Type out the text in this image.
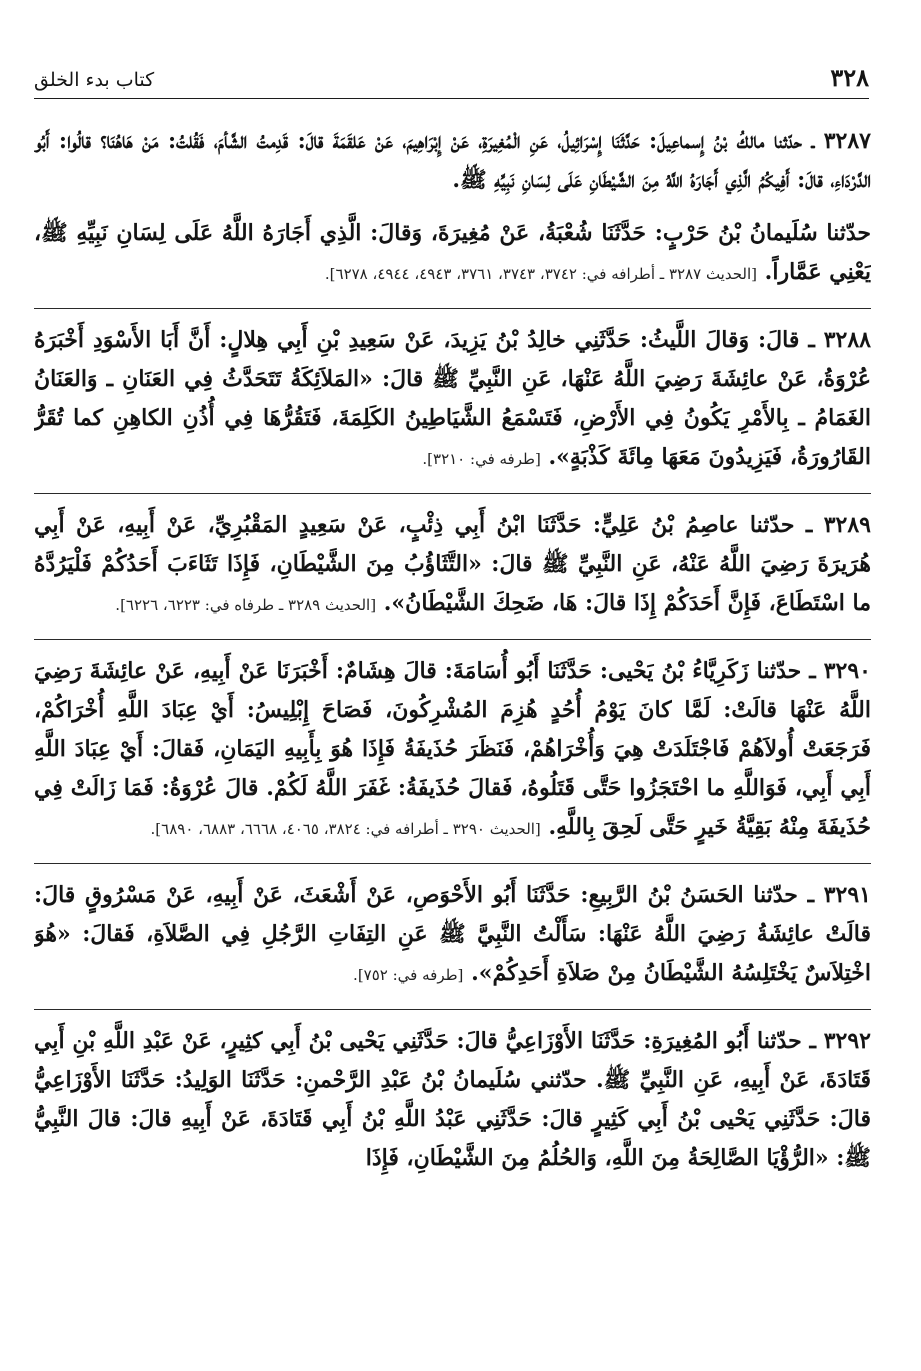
٣٢٨
كتاب بدء الخلق

٣٢٨٧ ـ حدّثنا مالكُ بْنُ إِسماعِيلَ: حَدَّثَنَا إِسْرَائِيلُ، عَنِ الْمُغِيرَةِ، عَنْ إِبْرَاهِيمَ، عَنْ عَلقَمَةَ قالَ: قَدِمتُ الشَّأمَ، فَقُلتُ: مَنْ هَاهُنَا؟ قالُوا: أَبُو الدَّرْدَاءِ، قالَ: أَفِيكُمُ الَّذِي أَجَارَهُ اللَّهُ مِنَ الشَّيْطَانِ عَلَى لِسَانِ نَبِيِّهِ ﷺ.

حدّثنا سُلَيمانُ بْنُ حَرْبٍ: حَدَّثَنَا شُعْبَةُ، عَنْ مُغِيرَةَ، وَقالَ: الَّذِي أَجَارَهُ اللَّهُ عَلَى لِسَانِ نَبِيِّهِ ﷺ، يَعْنِي عَمَّاراً. [الحديث ٣٢٨٧ ـ أطرافه في: ٣٧٤٢، ٣٧٤٣، ٣٧٦١، ٤٩٤٣، ٤٩٤٤، ٦٢٧٨].

٣٢٨٨ ـ قالَ: وَقالَ اللَّيثُ: حَدَّثَنِي خالِدُ بْنُ يَزِيدَ، عَنْ سَعِيدِ بْنِ أَبِي هِلالٍ: أَنَّ أَبَا الأَسْوَدِ أَخْبَرَهُ عُرْوَةُ، عَنْ عائِشَةَ رَضِيَ اللَّهُ عَنْهَا، عَنِ النَّبِيِّ ﷺ قالَ: «المَلاَئِكَةُ تَتَحَدَّثُ فِي العَنَانِ ـ وَالعَنَانُ الغَمَامُ ـ بِالأَمْرِ يَكُونُ فِي الأَرْضِ، فَتَسْمَعُ الشَّيَاطِينُ الكَلِمَةَ، فَتَقُرُّهَا فِي أُذُنِ الكاهِنِ كما تُقَرُّ القَارُورَةُ، فَيَزِيدُونَ مَعَهَا مِائَةَ كَذْبَةٍ». [طرفه في: ٣٢١٠].

٣٢٨٩ ـ حدّثنا عاصِمُ بْنُ عَلِيٍّ: حَدَّثَنَا ابْنُ أَبِي ذِئْبٍ، عَنْ سَعِيدٍ المَقْبُرِيِّ، عَنْ أَبِيهِ، عَنْ أَبِي هُرَيرَةَ رَضِيَ اللَّهُ عَنْهُ، عَنِ النَّبِيِّ ﷺ قالَ: «التَّثَاؤُبُ مِنَ الشَّيْطَانِ، فَإِذَا تَثَاءَبَ أَحَدُكُمْ فَلْيَرُدَّهُ ما اسْتَطَاعَ، فَإِنَّ أَحَدَكُمْ إِذَا قالَ: هَا، ضَحِكَ الشَّيْطَانُ». [الحديث ٣٢٨٩ ـ طرفاه في: ٦٢٢٣، ٦٢٢٦].

٣٢٩٠ ـ حدّثنا زَكَرِيَّاءُ بْنُ يَحْيى: حَدَّثَنَا أَبُو أُسَامَةَ: قالَ هِشَامٌ: أَخْبَرَنَا عَنْ أَبِيهِ، عَنْ عائِشَةَ رَضِيَ اللَّهُ عَنْهَا قالَتْ: لَمَّا كانَ يَوْمُ أُحُدٍ هُزِمَ المُشْرِكُونَ، فَصَاحَ إِبْلِيسُ: أَيْ عِبَادَ اللَّهِ أُخْرَاكُمْ، فَرَجَعَتْ أُولاَهُمْ فَاجْتَلَدَتْ هِيَ وَأُخْرَاهُمْ، فَنَظَرَ حُذَيفَةُ فَإِذَا هُوَ بِأَبِيهِ اليَمَانِ، فَقالَ: أَيْ عِبَادَ اللَّهِ أَبِي أَبِي، فَوَاللَّهِ ما احْتَجَزُوا حَتَّى قَتَلُوهُ، فَقالَ حُذَيفَةُ: غَفَرَ اللَّهُ لَكُمْ. قالَ عُرْوَةُ: فَمَا زَالَتْ فِي حُذَيفَةَ مِنْهُ بَقِيَّةُ خَيرٍ حَتَّى لَحِقَ بِاللَّهِ. [الحديث ٣٢٩٠ ـ أطرافه في: ٣٨٢٤، ٤٠٦٥، ٦٦٦٨، ٦٨٨٣، ٦٨٩٠].

٣٢٩١ ـ حدّثنا الحَسَنُ بْنُ الرَّبِيعِ: حَدَّثَنَا أَبُو الأَحْوَصِ، عَنْ أَشْعَثَ، عَنْ أَبِيهِ، عَنْ مَسْرُوقٍ قالَ: قالَتْ عائِشَةُ رَضِيَ اللَّهُ عَنْهَا: سَأَلْتُ النَّبِيَّ ﷺ عَنِ التِفَاتِ الرَّجُلِ فِي الصَّلاَةِ، فَقالَ: «هُوَ اخْتِلاَسٌ يَخْتَلِسُهُ الشَّيْطَانُ مِنْ صَلاَةِ أَحَدِكُمْ». [طرفه في: ٧٥٢].

٣٢٩٢ ـ حدّثنا أَبُو المُغِيرَةِ: حَدَّثَنَا الأَوْزَاعِيُّ قالَ: حَدَّثَنِي يَحْيى بْنُ أَبِي كثِيرٍ، عَنْ عَبْدِ اللَّهِ بْنِ أَبِي قَتَادَةَ، عَنْ أَبِيهِ، عَنِ النَّبِيِّ ﷺ. حدّثني سُلَيمانُ بْنُ عَبْدِ الرَّحْمنِ: حَدَّثَنَا الوَلِيدُ: حَدَّثَنَا الأَوْزَاعِيُّ قالَ: حَدَّثَنِي يَحْيى بْنُ أَبِي كَثِيرٍ قالَ: حَدَّثَنِي عَبْدُ اللَّهِ بْنُ أَبِي قَتَادَةَ، عَنْ أَبِيهِ قالَ: قالَ النَّبِيُّ ﷺ: «الرُّؤْيَا الصَّالِحَةُ مِنَ اللَّهِ، وَالحُلُمُ مِنَ الشَّيْطَانِ، فَإِذَا
